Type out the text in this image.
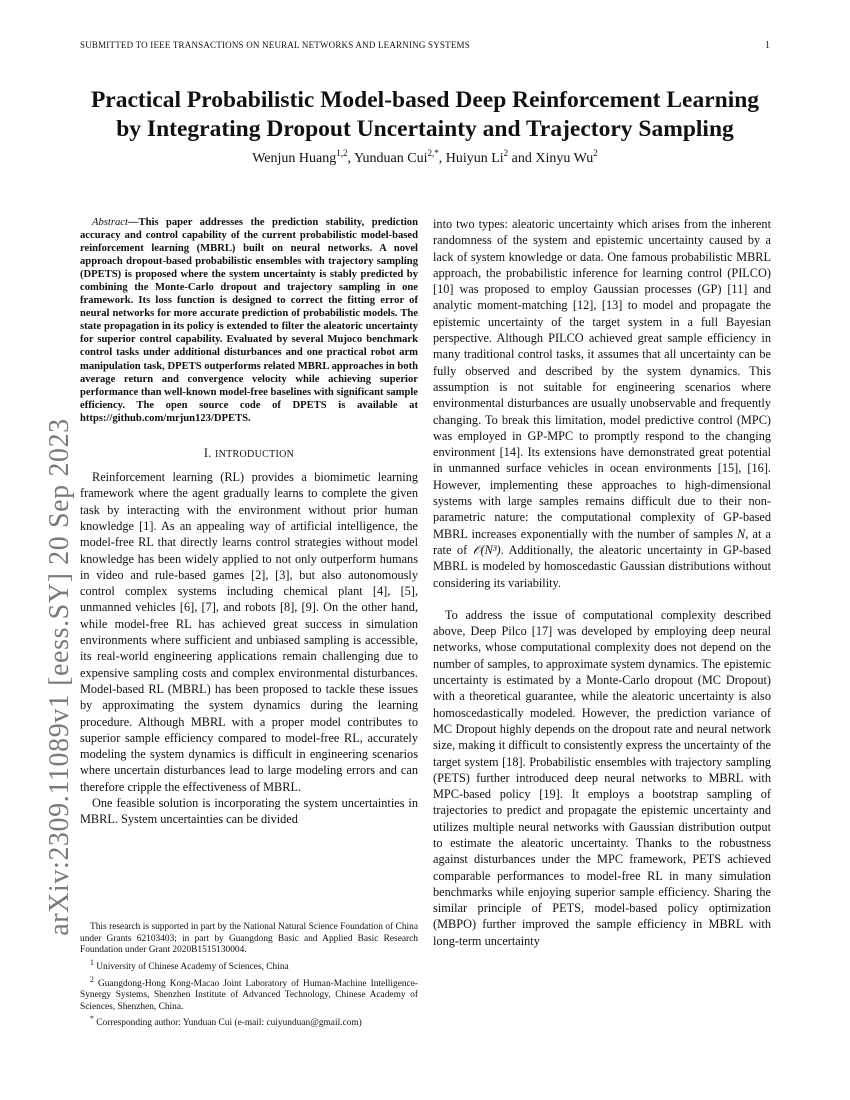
SUBMITTED TO IEEE TRANSACTIONS ON NEURAL NETWORKS AND LEARNING SYSTEMS	1
arXiv:2309.11089v1 [eess.SY] 20 Sep 2023
Practical Probabilistic Model-based Deep Reinforcement Learning
by Integrating Dropout Uncertainty and Trajectory Sampling
Wenjun Huang$^{1,2}$, Yunduan Cui$^{2,*}$, Huiyun Li$^2$ and Xinyu Wu$^2$

Abstract—This paper addresses the prediction stability, prediction accuracy and control capability of the current probabilistic model-based reinforcement learning (MBRL) built on neural networks. A novel approach dropout-based probabilistic ensembles with trajectory sampling (DPETS) is proposed where the system uncertainty is stably predicted by combining the Monte-Carlo dropout and trajectory sampling in one framework. Its loss function is designed to correct the fitting error of neural networks for more accurate prediction of probabilistic models. The state propagation in its policy is extended to filter the aleatoric uncertainty for superior control capability. Evaluated by several Mujoco benchmark control tasks under additional disturbances and one practical robot arm manipulation task, DPETS outperforms related MBRL approaches in both average return and convergence velocity while achieving superior performance than well-known model-free baselines with significant sample efficiency. The open source code of DPETS is available at https://github.com/mrjun123/DPETS.

I. INTRODUCTION

Reinforcement learning (RL) provides a biomimetic learning framework where the agent gradually learns to complete the given task by interacting with the environment without prior human knowledge [1]. As an appealing way of artificial intelligence, the model-free RL that directly learns control strategies without model knowledge has been widely applied to not only outperform humans in video and rule-based games [2], [3], but also autonomously control complex systems including chemical plant [4], [5], unmanned vehicles [6], [7], and robots [8], [9]. On the other hand, while model-free RL has achieved great success in simulation environments where sufficient and unbiased sampling is accessible, its real-world engineering applications remain challenging due to expensive sampling costs and complex environmental disturbances. Model-based RL (MBRL) has been proposed to tackle these issues by approximating the system dynamics during the learning procedure. Although MBRL with a proper model contributes to superior sample efficiency compared to model-free RL, accurately modeling the system dynamics is difficult in engineering scenarios where uncertain disturbances lead to large modeling errors and can therefore cripple the effectiveness of MBRL.

One feasible solution is incorporating the system uncertainties in MBRL. System uncertainties can be divided

This research is supported in part by the National Natural Science Foundation of China under Grants 62103403; in part by Guangdong Basic and Applied Basic Research Foundation under Grant 2020B1515130004.

$^1$ University of Chinese Academy of Sciences, China

$^2$ Guangdong-Hong Kong-Macao Joint Laboratory of Human-Machine Intelligence-Synergy Systems, Shenzhen Institute of Advanced Technology, Chinese Academy of Sciences, Shenzhen, China.

* Corresponding author: Yunduan Cui (e-mail: cuiyunduan@gmail.com)

into two types: aleatoric uncertainty which arises from the inherent randomness of the system and epistemic uncertainty caused by a lack of system knowledge or data. One famous probabilistic MBRL approach, the probabilistic inference for learning control (PILCO) [10] was proposed to employ Gaussian processes (GP) [11] and analytic moment-matching [12], [13] to model and propagate the epistemic uncertainty of the target system in a full Bayesian perspective. Although PILCO achieved great sample efficiency in many traditional control tasks, it assumes that all uncertainty can be fully observed and described by the system dynamics. This assumption is not suitable for engineering scenarios where environmental disturbances are usually unobservable and frequently changing. To break this limitation, model predictive control (MPC) was employed in GP-MPC to promptly respond to the changing environment [14]. Its extensions have demonstrated great potential in unmanned surface vehicles in ocean environments [15], [16]. However, implementing these approaches to high-dimensional systems with large samples remains difficult due to their non-parametric nature: the computational complexity of GP-based MBRL increases exponentially with the number of samples N, at a rate of 𝒪(N³). Additionally, the aleatoric uncertainty in GP-based MBRL is modeled by homoscedastic Gaussian distributions without considering its variability.

To address the issue of computational complexity described above, Deep Pilco [17] was developed by employing deep neural networks, whose computational complexity does not depend on the number of samples, to approximate system dynamics. The epistemic uncertainty is estimated by a Monte-Carlo dropout (MC Dropout) with a theoretical guarantee, while the aleatoric uncertainty is also homoscedastically modeled. However, the prediction variance of MC Dropout highly depends on the dropout rate and neural network size, making it difficult to consistently express the uncertainty of the target system [18]. Probabilistic ensembles with trajectory sampling (PETS) further introduced deep neural networks to MBRL with MPC-based policy [19]. It employs a bootstrap sampling of trajectories to predict and propagate the epistemic uncertainty and utilizes multiple neural networks with Gaussian distribution output to estimate the aleatoric uncertainty. Thanks to the robustness against disturbances under the MPC framework, PETS achieved comparable performances to model-free RL in many simulation benchmarks while enjoying superior sample efficiency. Sharing the similar principle of PETS, model-based policy optimization (MBPO) further improved the sample efficiency in MBRL with long-term uncertainty
